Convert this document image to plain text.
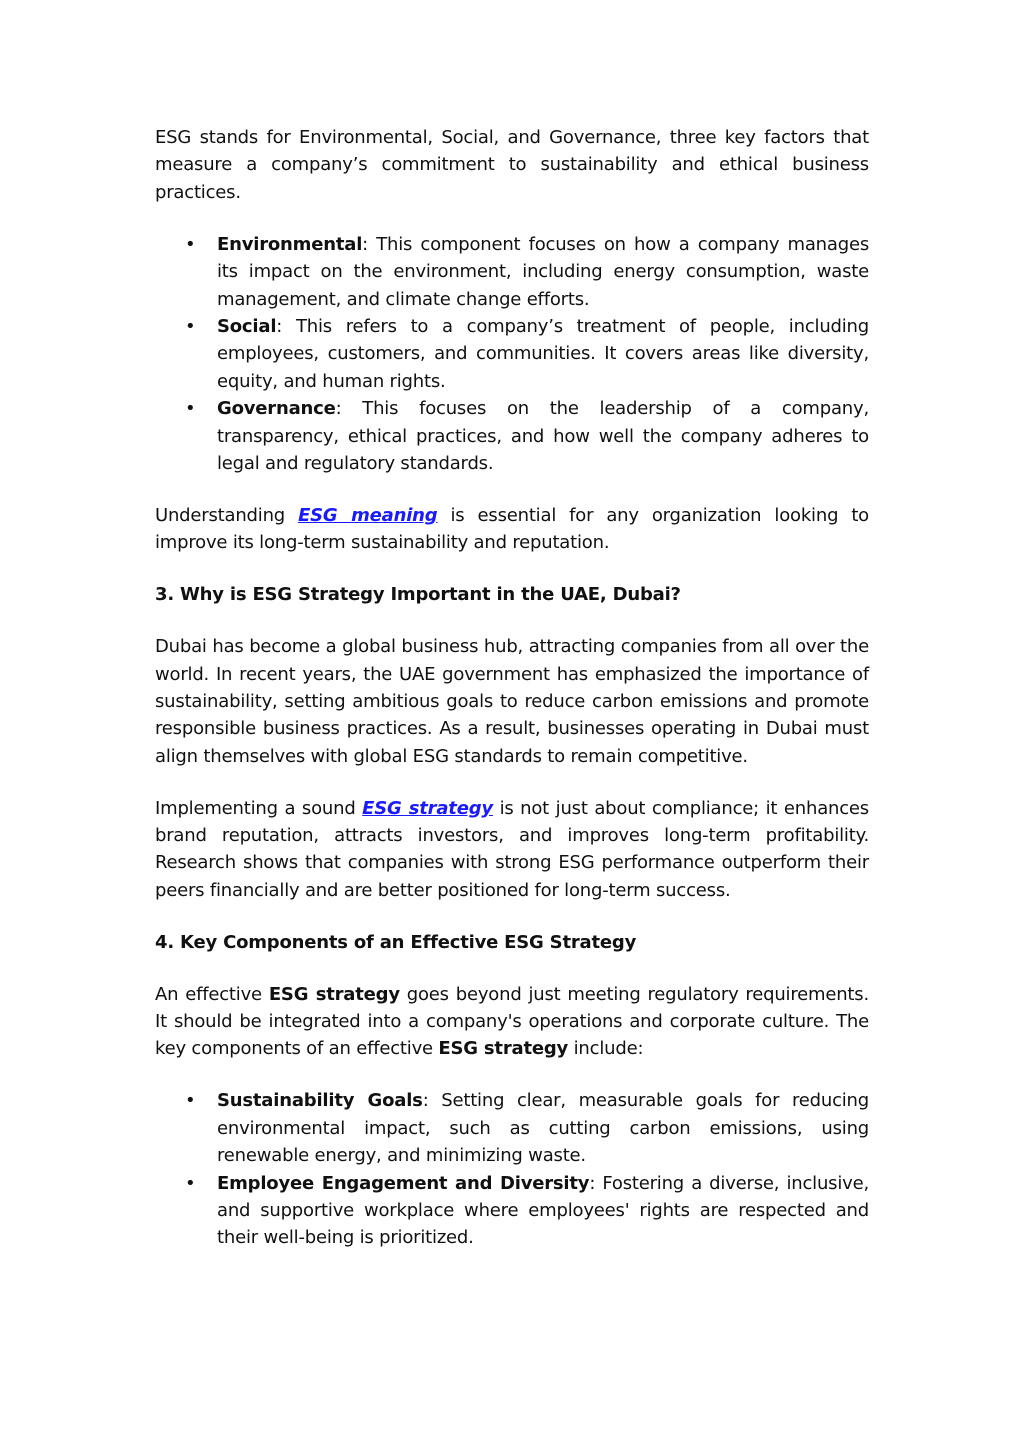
ESG stands for Environmental, Social, and Governance, three key factors that measure a company’s commitment to sustainability and ethical business practices.

• Environmental: This component focuses on how a company manages its impact on the environment, including energy consumption, waste management, and climate change efforts.
• Social: This refers to a company’s treatment of people, including employees, customers, and communities. It covers areas like diversity, equity, and human rights.
• Governance: This focuses on the leadership of a company, transparency, ethical practices, and how well the company adheres to legal and regulatory standards.

Understanding ESG meaning is essential for any organization looking to improve its long-term sustainability and reputation.

3. Why is ESG Strategy Important in the UAE, Dubai?

Dubai has become a global business hub, attracting companies from all over the world. In recent years, the UAE government has emphasized the importance of sustainability, setting ambitious goals to reduce carbon emissions and promote responsible business practices. As a result, businesses operating in Dubai must align themselves with global ESG standards to remain competitive.

Implementing a sound ESG strategy is not just about compliance; it enhances brand reputation, attracts investors, and improves long-term profitability. Research shows that companies with strong ESG performance outperform their peers financially and are better positioned for long-term success.

4. Key Components of an Effective ESG Strategy

An effective ESG strategy goes beyond just meeting regulatory requirements. It should be integrated into a company's operations and corporate culture. The key components of an effective ESG strategy include:

• Sustainability Goals: Setting clear, measurable goals for reducing environmental impact, such as cutting carbon emissions, using renewable energy, and minimizing waste.
• Employee Engagement and Diversity: Fostering a diverse, inclusive, and supportive workplace where employees' rights are respected and their well-being is prioritized.
